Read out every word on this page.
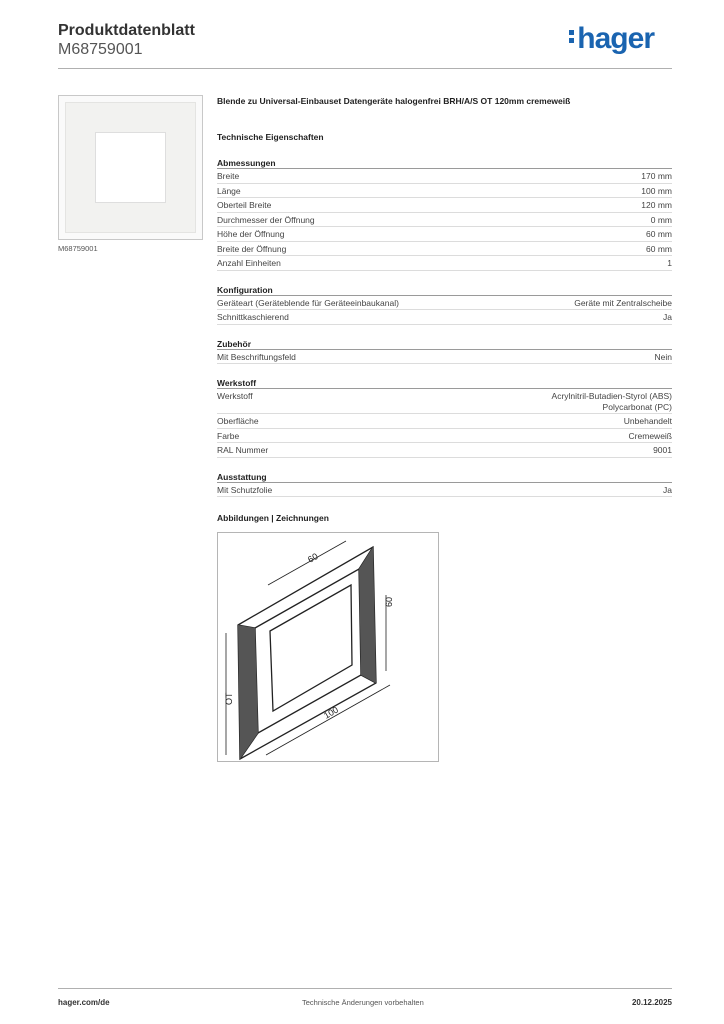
Produktdatenblatt
M68759001	hager
M68759001
Blende zu Universal-Einbauset Datengeräte halogenfrei BRH/A/S OT 120mm cremeweiß
Technische Eigenschaften
Abmessungen
Breite	170 mm
Länge	100 mm
Oberteil Breite	120 mm
Durchmesser der Öffnung	0 mm
Höhe der Öffnung	60 mm
Breite der Öffnung	60 mm
Anzahl Einheiten	1
Konfiguration
Geräteart (Geräteblende für Geräteeinbaukanal)	Geräte mit Zentralscheibe
Schnittkaschierend	Ja
Zubehör
Mit Beschriftungsfeld	Nein
Werkstoff
Werkstoff	Acrylnitril-Butadien-Styrol (ABS)
Polycarbonat (PC)
Oberfläche	Unbehandelt
Farbe	Cremeweiß
RAL Nummer	9001
Ausstattung
Mit Schutzfolie	Ja
Abbildungen | Zeichnungen
60
60
100
OT
hager.com/de	Technische Änderungen vorbehalten	20.12.2025
